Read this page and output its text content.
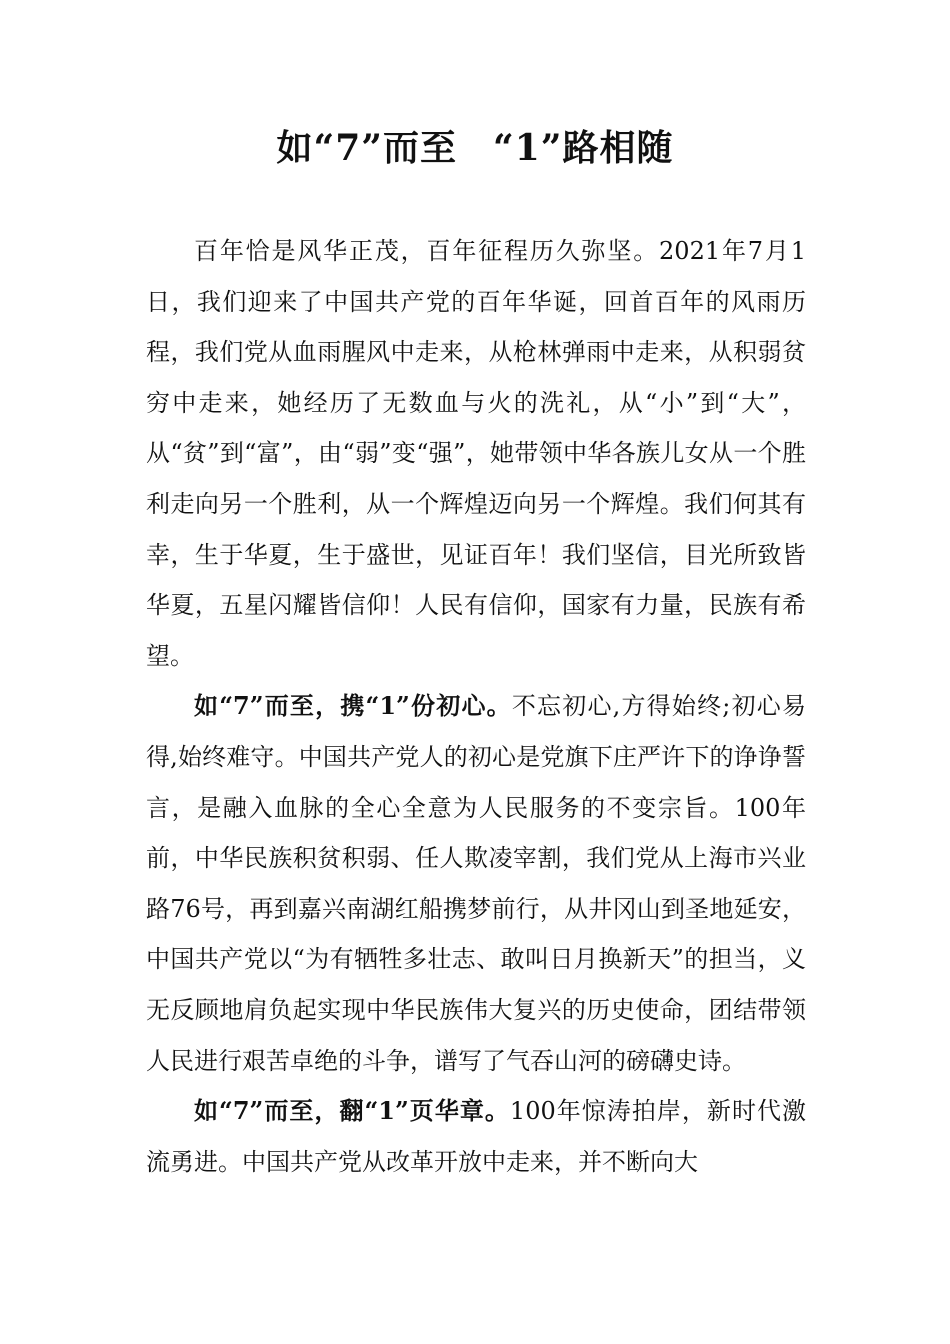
如“7”而至 “1”路相随

百年恰是风华正茂，百年征程历久弥坚。2021年7月1日，我们迎来了中国共产党的百年华诞，回首百年的风雨历程，我们党从血雨腥风中走来，从枪林弹雨中走来，从积弱贫穷中走来，她经历了无数血与火的洗礼，从“小”到“大”，从“贫”到“富”，由“弱”变“强”，她带领中华各族儿女从一个胜利走向另一个胜利，从一个辉煌迈向另一个辉煌。我们何其有幸，生于华夏，生于盛世，见证百年！我们坚信，目光所致皆华夏，五星闪耀皆信仰！人民有信仰，国家有力量，民族有希望。

如“7”而至，携“1”份初心。不忘初心,方得始终;初心易得,始终难守。中国共产党人的初心是党旗下庄严许下的诤诤誓言，是融入血脉的全心全意为人民服务的不变宗旨。100年前，中华民族积贫积弱、任人欺凌宰割，我们党从上海市兴业路76号，再到嘉兴南湖红船携梦前行，从井冈山到圣地延安，中国共产党以“为有牺牲多壮志、敢叫日月换新天”的担当，义无反顾地肩负起实现中华民族伟大复兴的历史使命，团结带领人民进行艰苦卓绝的斗争，谱写了气吞山河的磅礴史诗。

如“7”而至，翻“1”页华章。100年惊涛拍岸，新时代激流勇进。中国共产党从改革开放中走来，并不断向大
